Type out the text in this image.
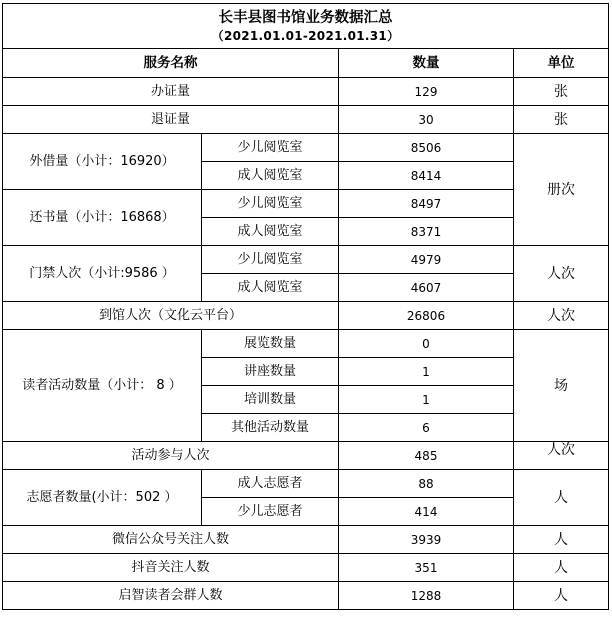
长丰县图书馆业务数据汇总
（2021.01.01-2021.01.31）			

服务名称		数量	单位
办证量		129	张
退证量		30	张
外借量（小计：16920）	少儿阅览室	8506	册次
	成人阅览室	8414	
还书量（小计：16868）	少儿阅览室	8497	
	成人阅览室	8371	
门禁人次（小计:9586 ）	少儿阅览室	4979	人次
	成人阅览室	4607	
到馆人次（文化云平台）		26806	人次
读者活动数量（小计： 8 ）	展览数量	0	场
	讲座数量	1	
	培训数量	1	
	其他活动数量	6	
活动参与人次		485	人次
志愿者数量(小计：502 ）	成人志愿者	88	人
	少儿志愿者	414	
微信公众号关注人数		3939	人
抖音关注人数		351	人
启智读者会群人数		1288	人
